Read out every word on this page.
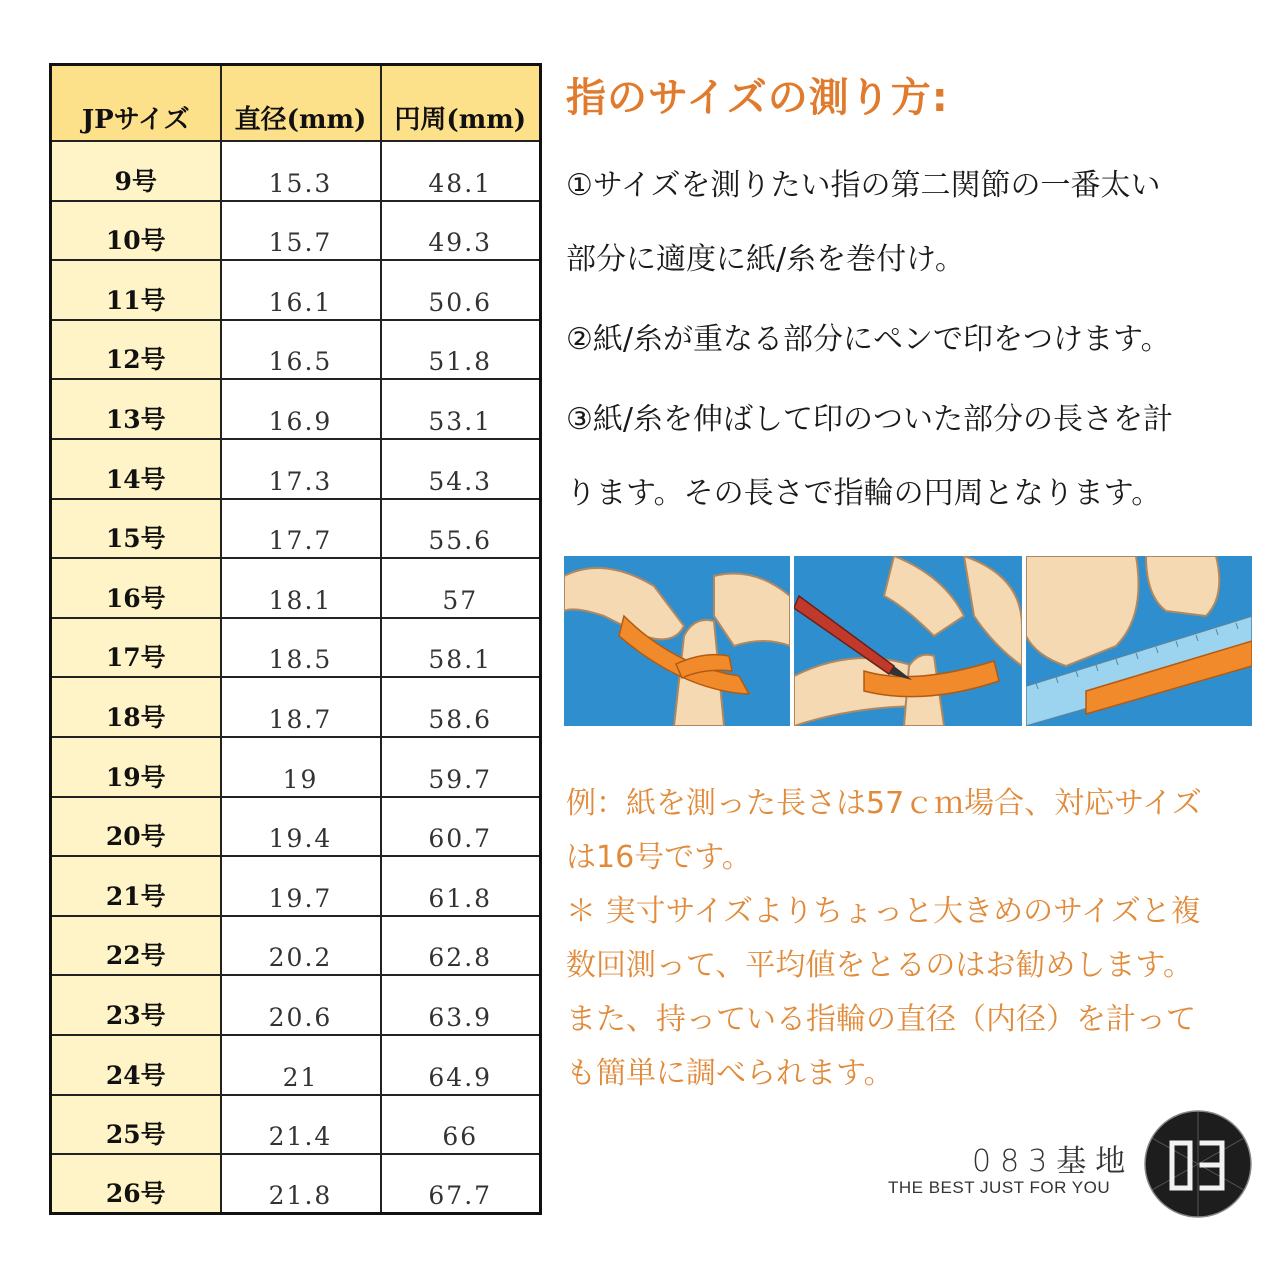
JPサイズ	直径(mm)	円周(mm)
9号	15.3	48.1
10号	15.7	49.3
11号	16.1	50.6
12号	16.5	51.8
13号	16.9	53.1
14号	17.3	54.3
15号	17.7	55.6
16号	18.1	57
17号	18.5	58.1
18号	18.7	58.6
19号	19	59.7
20号	19.4	60.7
21号	19.7	61.8
22号	20.2	62.8
23号	20.6	63.9
24号	21	64.9
25号	21.4	66
26号	21.8	67.7
指のサイズの測り方:
①サイズを測りたい指の第二関節の一番太い
部分に適度に紙/糸を巻付け。
②紙/糸が重なる部分にペンで印をつけます。
③紙/糸を伸ばして印のついた部分の長さを計
ります。その長さで指輪の円周となります。
例：紙を測った長さは57ｃｍ場合、対応サイズ
は16号です。
＊ 実寸サイズよりちょっと大きめのサイズと複
数回測って、平均値をとるのはお勧めします。
また、持っている指輪の直径（内径）を計って
も簡単に調べられます。
083基地
THE BEST JUST FOR YOU
